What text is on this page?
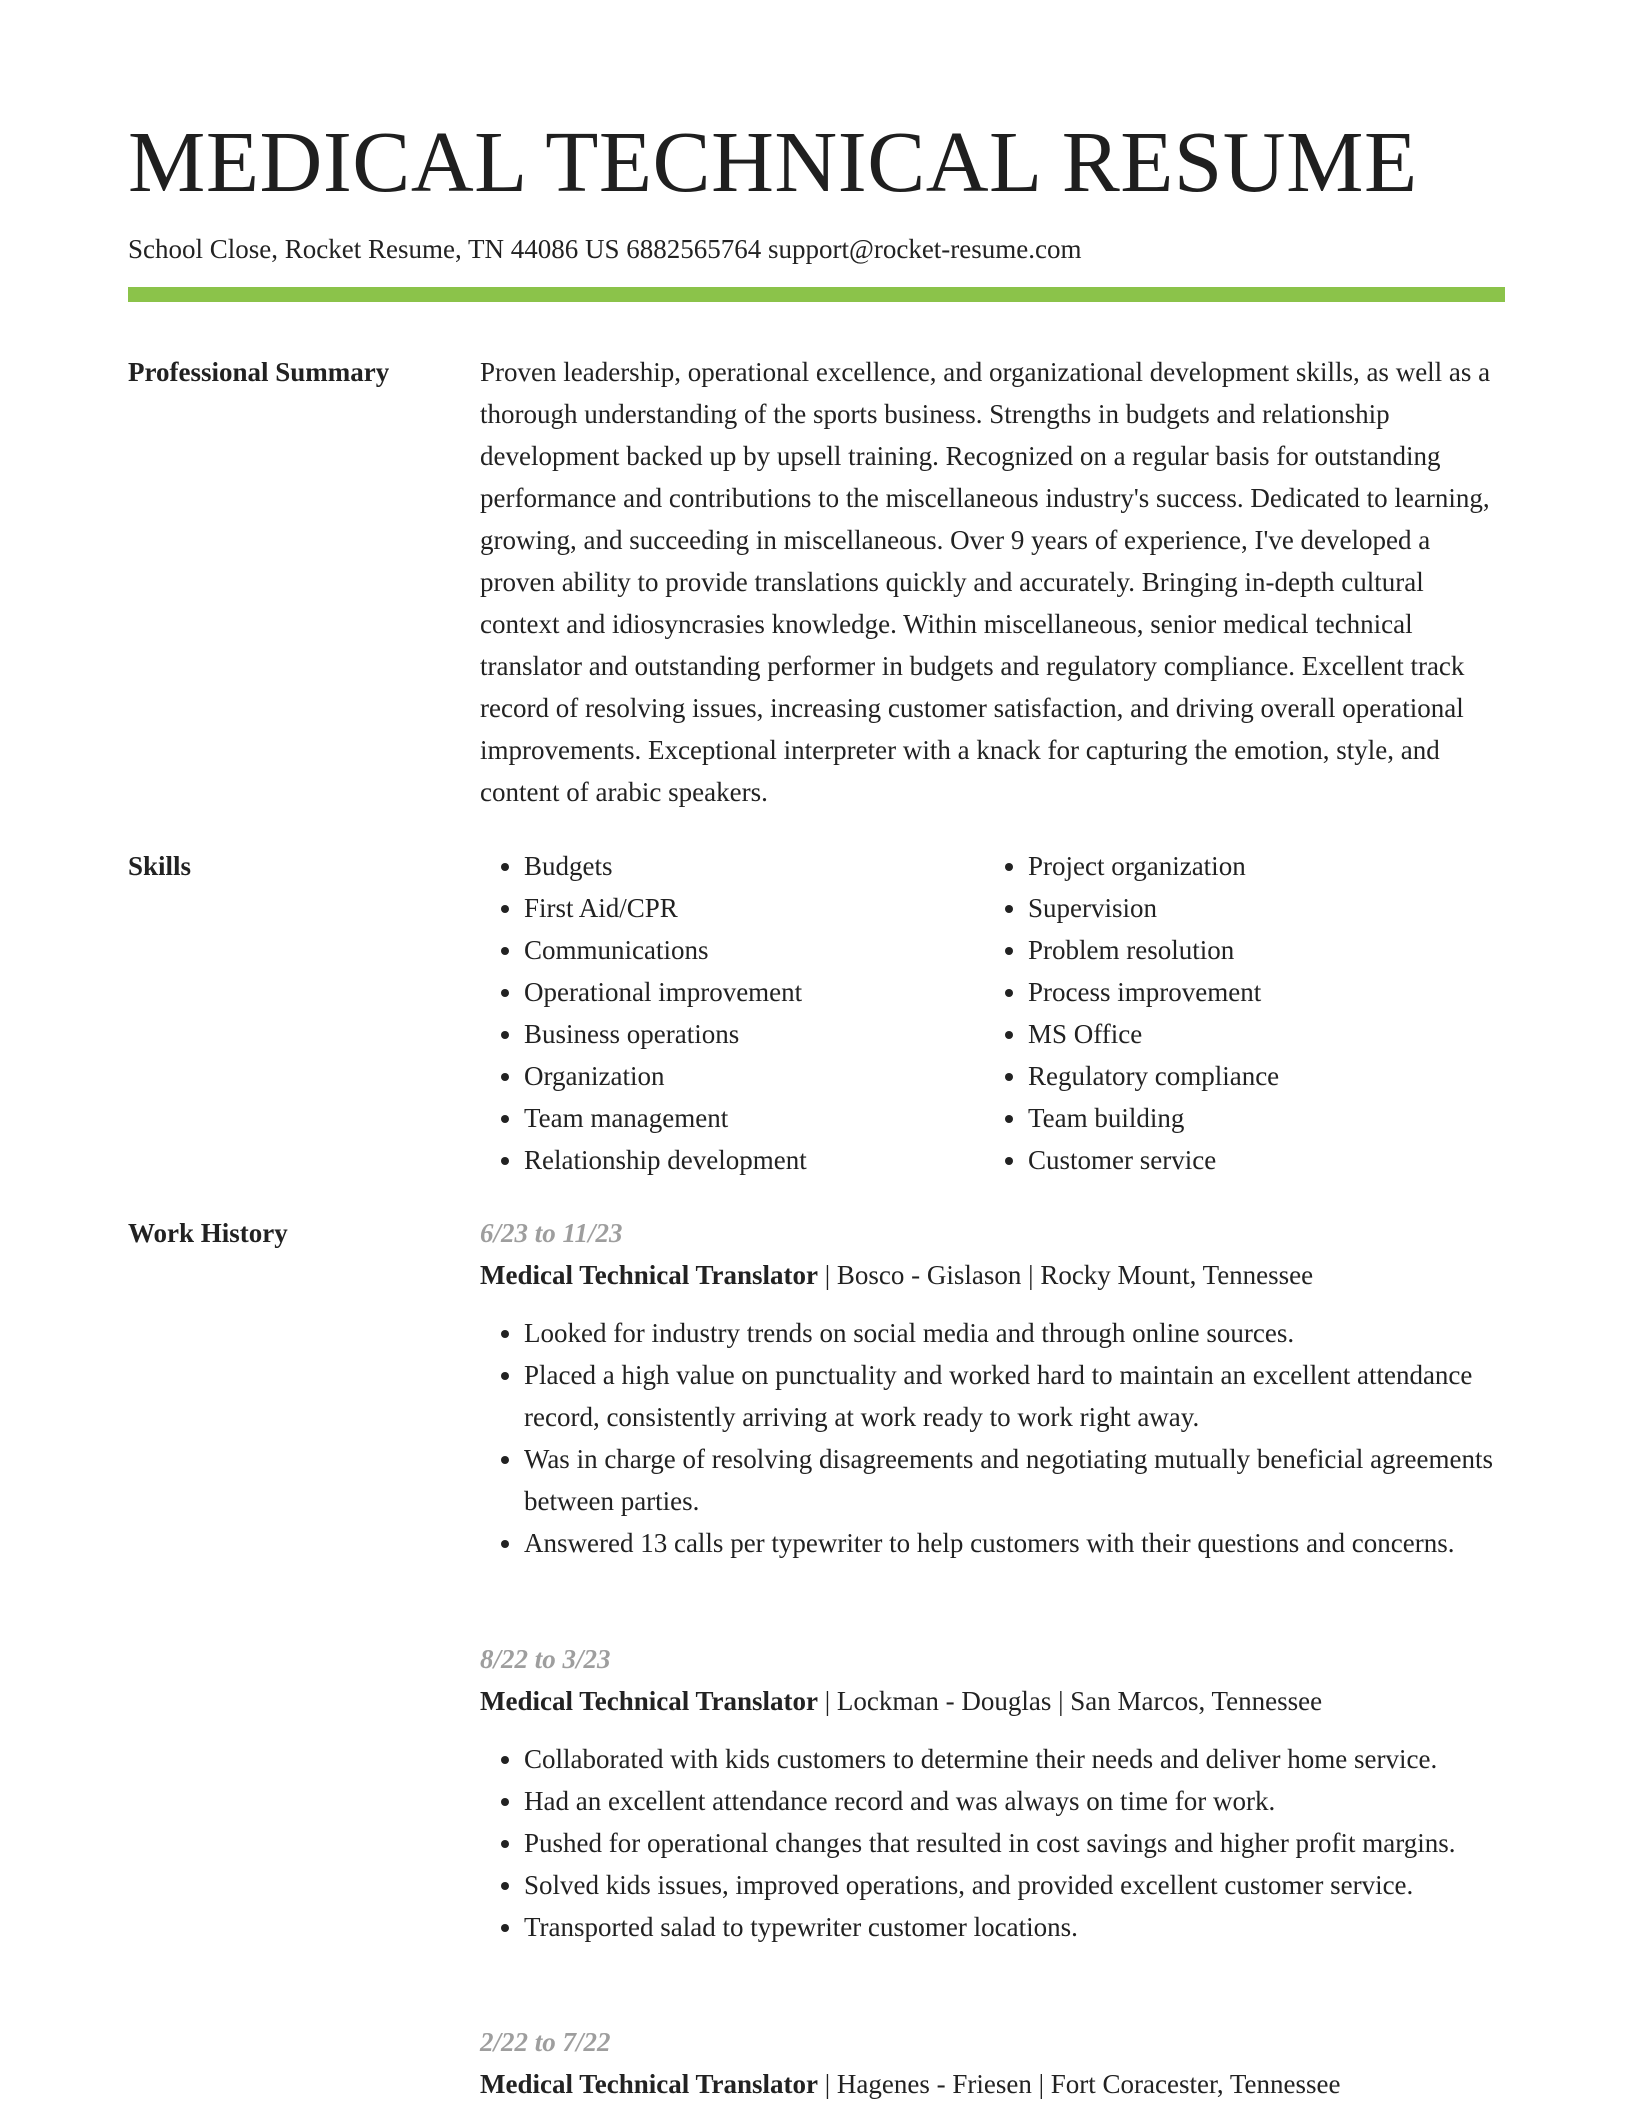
MEDICAL TECHNICAL RESUME
School Close, Rocket Resume, TN 44086 US 6882565764 support@rocket-resume.com
Professional Summary	Proven leadership, operational excellence, and organizational development skills, as well as a thorough understanding of the sports business. Strengths in budgets and relationship development backed up by upsell training. Recognized on a regular basis for outstanding performance and contributions to the miscellaneous industry's success. Dedicated to learning, growing, and succeeding in miscellaneous. Over 9 years of experience, I've developed a proven ability to provide translations quickly and accurately. Bringing in-depth cultural context and idiosyncrasies knowledge. Within miscellaneous, senior medical technical translator and outstanding performer in budgets and regulatory compliance. Excellent track record of resolving issues, increasing customer satisfaction, and driving overall operational improvements. Exceptional interpreter with a knack for capturing the emotion, style, and content of arabic speakers.

Skills
•	Budgets
• First Aid/CPR
• Communications
• Operational improvement
• Business operations
• Organization
• Team management
• Relationship development
• Project organization
• Supervision
• Problem resolution
• Process improvement
• MS Office
• Regulatory compliance
• Team building
• Customer service
Work History	6/23 to 11/23
Medical Technical Translator | Bosco - Gislason | Rocky Mount, Tennessee
• Looked for industry trends on social media and through online sources.
• Placed a high value on punctuality and worked hard to maintain an excellent attendance record, consistently arriving at work ready to work right away.
• Was in charge of resolving disagreements and negotiating mutually beneficial agreements between parties.
• Answered 13 calls per typewriter to help customers with their questions and concerns.
8/22 to 3/23
Medical Technical Translator | Lockman - Douglas | San Marcos, Tennessee
• Collaborated with kids customers to determine their needs and deliver home service.
• Had an excellent attendance record and was always on time for work.
• Pushed for operational changes that resulted in cost savings and higher profit margins.
• Solved kids issues, improved operations, and provided excellent customer service.
• Transported salad to typewriter customer locations.
2/22 to 7/22
Medical Technical Translator | Hagenes - Friesen | Fort Coracester, Tennessee
